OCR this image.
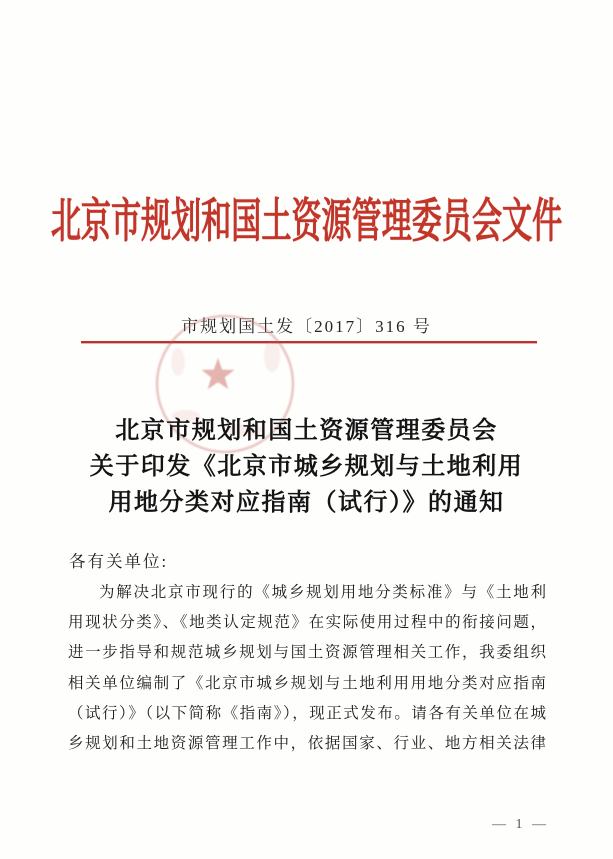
北京市规划和国土资源管理委员会文件
市规划国土发〔2017〕316 号
北京市规划和国土资源管理委员会
关于印发《北京市城乡规划与土地利用
用地分类对应指南（试行）》的通知
各有关单位:
为解决北京市现行的《城乡规划用地分类标准》与《土地利
用现状分类》、《地类认定规范》在实际使用过程中的衔接问题，
进一步指导和规范城乡规划与国土资源管理相关工作，我委组织
相关单位编制了《北京市城乡规划与土地利用用地分类对应指南
（试行）》（以下简称《指南》），现正式发布。请各有关单位在城
乡规划和土地资源管理工作中，依据国家、行业、地方相关法律
— 1 —
